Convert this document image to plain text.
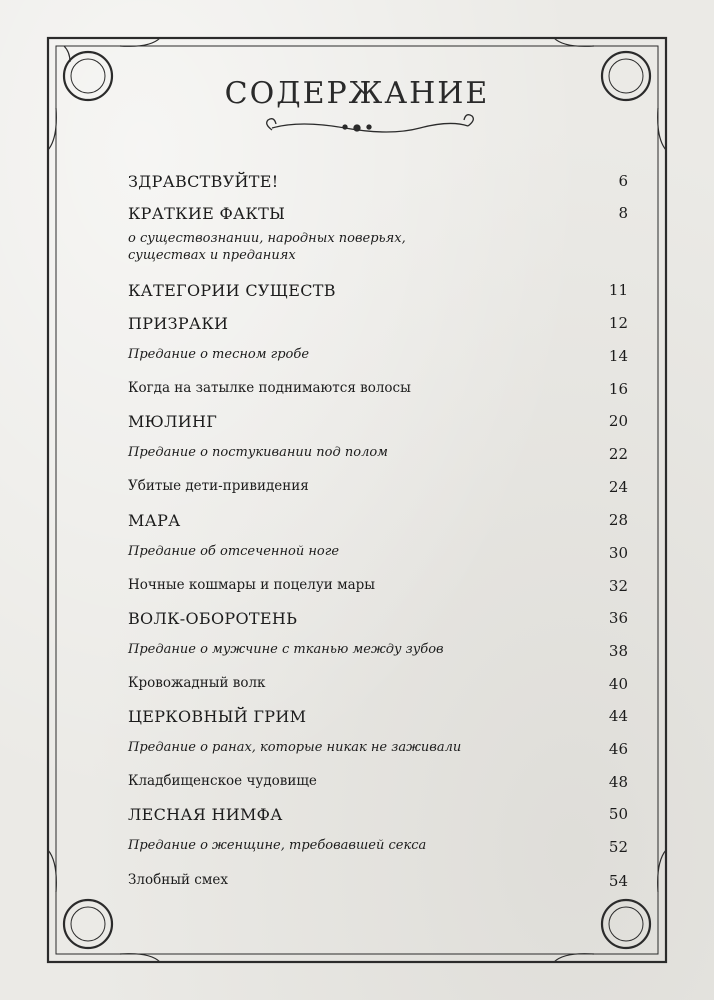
СОДЕРЖАНИЕ
ЗДРАВСТВУЙТЕ!	6
КРАТКИЕ ФАКТЫ	8
о существознании, народных поверьях,
существах и преданиях
КАТЕГОРИИ СУЩЕСТВ	11
ПРИЗРАКИ	12
Предание о тесном гробе	14
Когда на затылке поднимаются волосы	16
МЮЛИНГ	20
Предание о постукивании под полом	22
Убитые дети-привидения	24
МАРА	28
Предание об отсеченной ноге	30
Ночные кошмары и поцелуи мары	32
ВОЛК-ОБОРОТЕНЬ	36
Предание о мужчине с тканью между зубов	38
Кровожадный волк	40
ЦЕРКОВНЫЙ ГРИМ	44
Предание о ранах, которые никак не заживали	46
Кладбищенское чудовище	48
ЛЕСНАЯ НИМФА	50
Предание о женщине, требовавшей секса	52
Злобный смех	54
